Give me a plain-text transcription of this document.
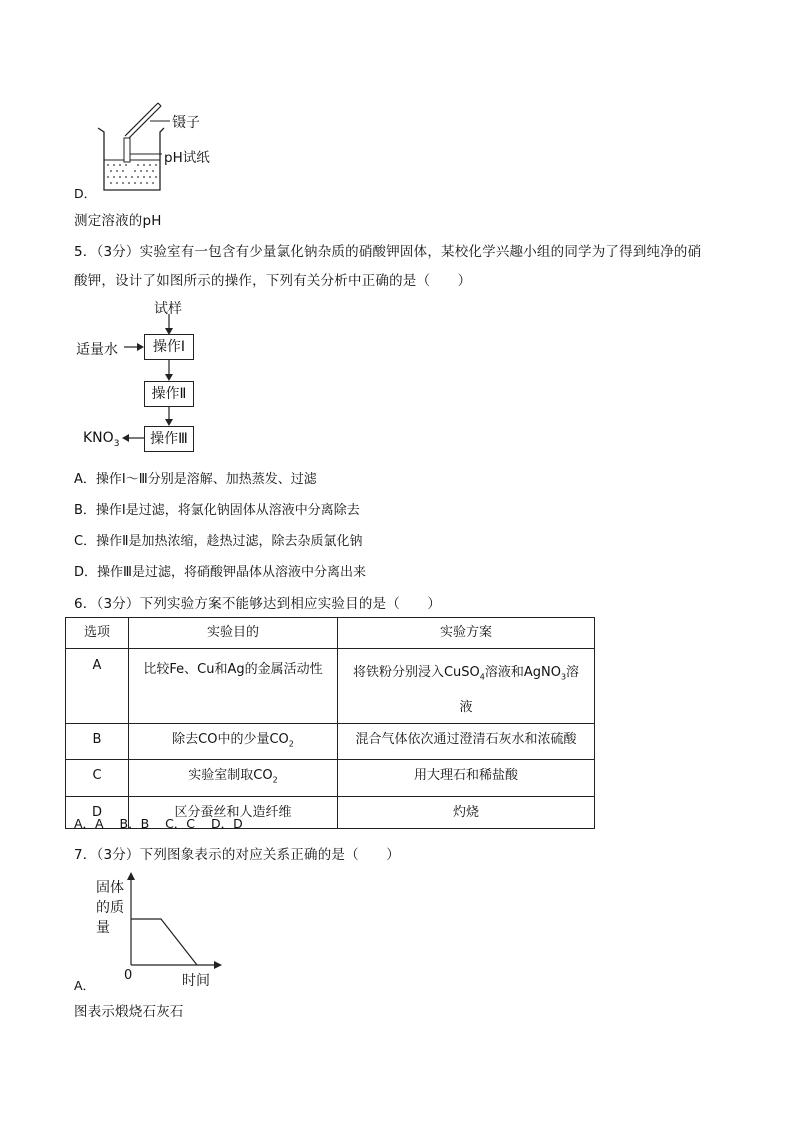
D．
镊子
pH试纸
测定溶液的pH
5．（3分）实验室有一包含有少量氯化钠杂质的硝酸钾固体，某校化学兴趣小组的同学为了得到纯净的硝
酸钾，设计了如图所示的操作，下列有关分析中正确的是（　　）
试样
适量水	操作Ⅰ
操作Ⅱ
操作Ⅲ
$KNO_3$
A．操作Ⅰ～Ⅲ分别是溶解、加热蒸发、过滤
B．操作Ⅰ是过滤，将氯化钠固体从溶液中分离除去
C．操作Ⅱ是加热浓缩，趁热过滤，除去杂质氯化钠
D．操作Ⅲ是过滤，将硝酸钾晶体从溶液中分离出来
6．（3分）下列实验方案不能够达到相应实验目的是（　　）
选项	实验目的	实验方案
A	比较Fe、Cu和Ag的金属活动性	将铁粉分别浸入CuSO$_4$溶液和AgNO$_3$溶
液
B	除去CO中的少量$CO_2$	混合气体依次通过澄清石灰水和浓硫酸
C	实验室制取$CO_2$	用大理石和稀盐酸
D	区分蚕丝和人造纤维	灼烧
A．A B．B C．C D．D
7．（3分）下列图象表示的对应关系正确的是（　　）
固体
的质
量
0	时间
A．
图表示煅烧石灰石
